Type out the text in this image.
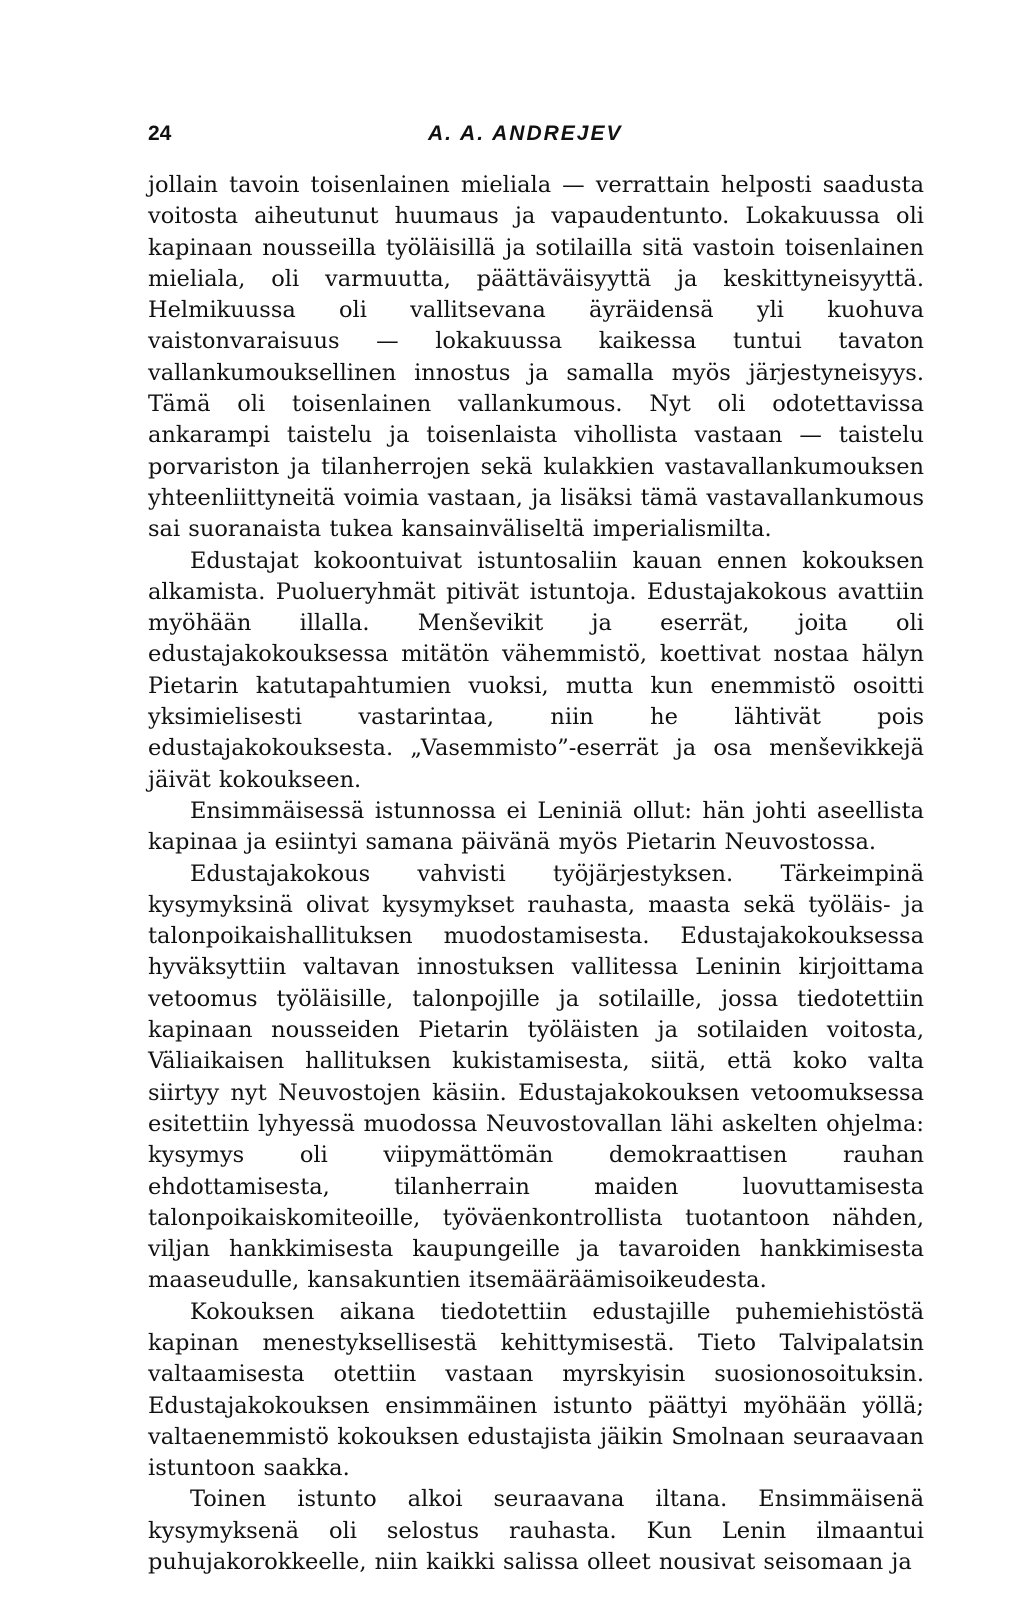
24	A. A. ANDREJEV

jollain tavoin toisenlainen mieliala — verrattain helposti saadusta voitosta aiheutunut huumaus ja vapaudentunto. Lokakuussa oli kapinaan nousseilla työläisillä ja sotilailla sitä vastoin toisenlainen mieliala, oli varmuutta, päättäväisyyttä ja keskittyneisyyttä. Helmikuussa oli vallitsevana äyräidensä yli kuohuva vaistonvaraisuus — lokakuussa kaikessa tuntui tavaton vallankumouksellinen innostus ja samalla myös järjestyneisyys. Tämä oli toisenlainen vallankumous. Nyt oli odotettavissa ankarampi taistelu ja toisenlaista vihollista vastaan — taistelu porvariston ja tilanherrojen sekä kulakkien vastavallankumouksen yhteenliittyneitä voimia vastaan, ja lisäksi tämä vastavallankumous sai suoranaista tukea kansainväliseltä imperialismilta.

Edustajat kokoontuivat istuntosaliin kauan ennen kokouksen alkamista. Puolueryhmät pitivät istuntoja. Edustajakokous avattiin myöhään illalla. Menševikit ja eserrät, joita oli edustajakokouksessa mitätön vähemmistö, koettivat nostaa hälyn Pietarin katutapahtumien vuoksi, mutta kun enemmistö osoitti yksimielisesti vastarintaa, niin he lähtivät pois edustajakokouksesta. „Vasemmisto”-eserrät ja osa menševikkejä jäivät kokoukseen.

Ensimmäisessä istunnossa ei Leniniä ollut: hän johti aseellista kapinaa ja esiintyi samana päivänä myös Pietarin Neuvostossa.

Edustajakokous vahvisti työjärjestyksen. Tärkeimpinä kysymyksinä olivat kysymykset rauhasta, maasta sekä työläis- ja talonpoikaishallituksen muodostamisesta. Edustajakokouksessa hyväksyttiin valtavan innostuksen vallitessa Leninin kirjoittama vetoomus työläisille, talonpojille ja sotilaille, jossa tiedotettiin kapinaan nousseiden Pietarin työläisten ja sotilaiden voitosta, Väliaikaisen hallituksen kukistamisesta, siitä, että koko valta siirtyy nyt Neuvostojen käsiin. Edustajakokouksen vetoomuksessa esitettiin lyhyessä muodossa Neuvostovallan lähi askelten ohjelma: kysymys oli viipymättömän demokraattisen rauhan ehdottamisesta, tilanherrain maiden luovuttamisesta talonpoikaiskomiteoille, työväenkontrollista tuotantoon nähden, viljan hankkimisesta kaupungeille ja tavaroiden hankkimisesta maaseudulle, kansakuntien itsemääräämisoikeudesta.

Kokouksen aikana tiedotettiin edustajille puhemiehistöstä kapinan menestyksellisestä kehittymisestä. Tieto Talvipalatsin valtaamisesta otettiin vastaan myrskyisin suosionosoituksin. Edustajakokouksen ensimmäinen istunto päättyi myöhään yöllä; valtaenemmistö kokouksen edustajista jäikin Smolnaan seuraavaan istuntoon saakka.

Toinen istunto alkoi seuraavana iltana. Ensimmäisenä kysymyksenä oli selostus rauhasta. Kun Lenin ilmaantui puhujakorokkeelle, niin kaikki salissa olleet nousivat seisomaan ja
